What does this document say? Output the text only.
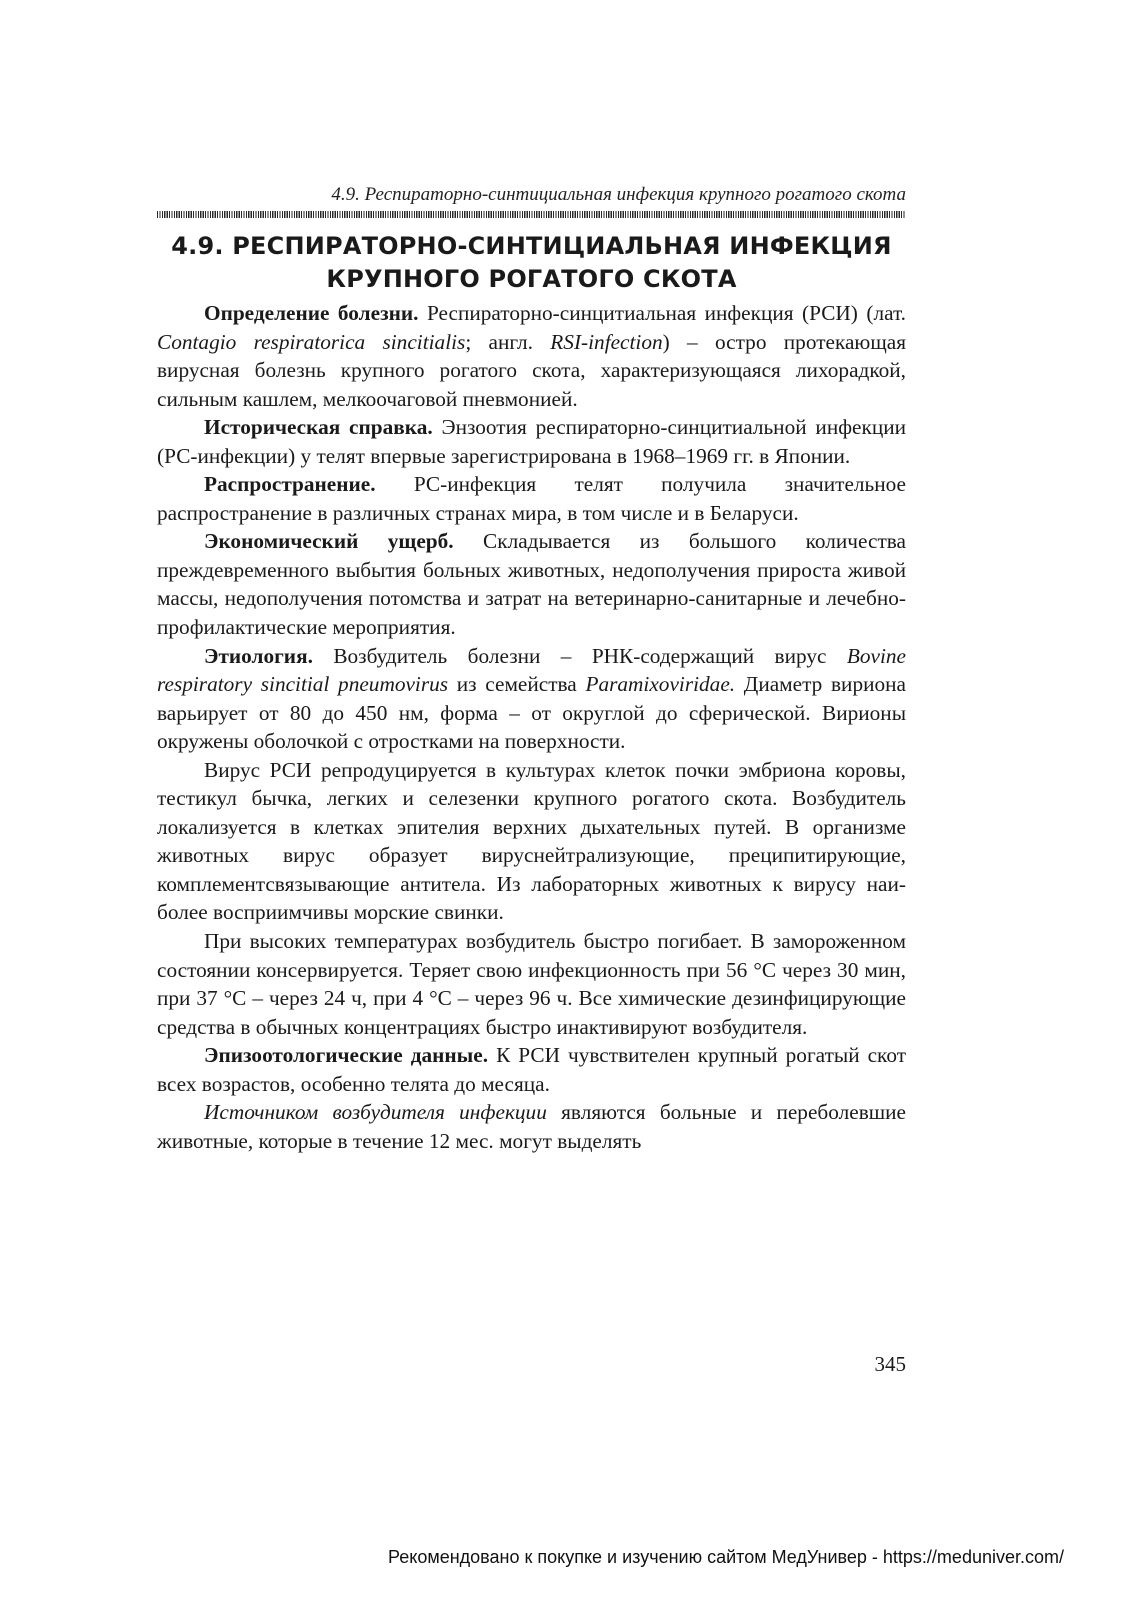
4.9. Респираторно-синтициальная инфекция крупного рогатого скота
4.9. РЕСПИРАТОРНО-СИНТИЦИАЛЬНАЯ ИНФЕКЦИЯ
КРУПНОГО РОГАТОГО СКОТА

Определение болезни. Респираторно-синцитиальная инфекция (РСИ) (лат. Contagio respiratorica sincitialis; англ. RSI-infection) – остро протекающая вирусная болезнь крупного рогатого скота, характеризующаяся лихорадкой, сильным кашлем, мелкоочаговой пневмонией.

Историческая справка. Энзоотия респираторно-синцитиальной инфекции (РС-инфекции) у телят впервые зарегистрирована в 1968–1969 гг. в Японии.

Распространение. РС-инфекция телят получила значительное распространение в различных странах мира, в том числе и в Беларуси.

Экономический ущерб. Складывается из большого количества преждевременного выбытия больных животных, недополучения прироста живой массы, недополучения потомства и затрат на ветеринарно-санитарные и лечебно-профилактические мероприятия.

Этиология. Возбудитель болезни – РНК-содержащий вирус Bovine respiratory sincitial pneumovirus из семейства Paramixoviridae. Диаметр вириона варьирует от 80 до 450 нм, форма – от округлой до сферической. Вирионы окружены оболочкой с отростками на поверхности.

Вирус РСИ репродуцируется в культурах клеток почки эмбриона коровы, тестикул бычка, легких и селезенки крупного рогатого скота. Возбудитель локализуется в клетках эпителия верхних дыхательных путей. В организме животных вирус образует вируснейтрализующие, преципитирующие, комплементсвязывающие антитела. Из лабораторных животных к вирусу наиболее восприимчивы морские свинки.

При высоких температурах возбудитель быстро погибает. В замороженном состоянии консервируется. Теряет свою инфекционность при 56 °С через 30 мин, при 37 °С – через 24 ч, при 4 °С – через 96 ч. Все химические дезинфицирующие средства в обычных концентрациях быстро инактивируют возбудителя.

Эпизоотологические данные. К РСИ чувствителен крупный рогатый скот всех возрастов, особенно телята до месяца.

Источником возбудителя инфекции являются больные и переболевшие животные, которые в течение 12 мес. могут выделять

345
Рекомендовано к покупке и изучению сайтом МедУнивер - https://meduniver.com/
